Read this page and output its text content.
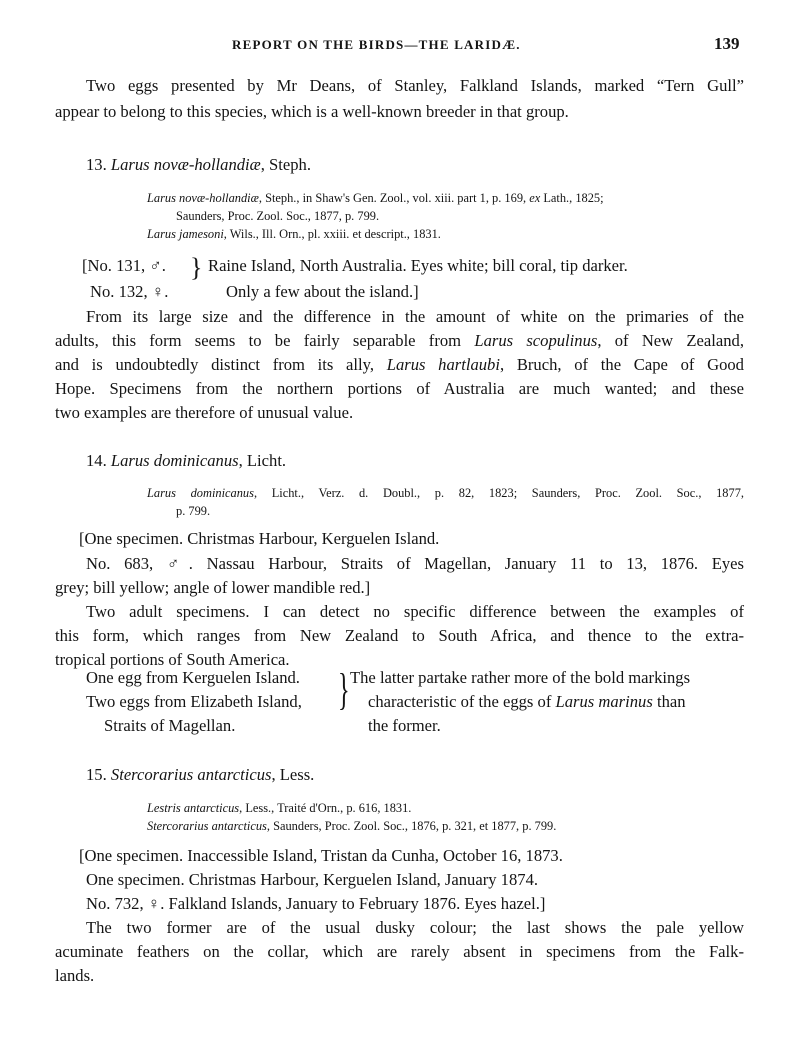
REPORT ON THE BIRDS—THE LARIDÆ.	139
Two eggs presented by Mr Deans, of Stanley, Falkland Islands, marked “Tern Gull”
appear to belong to this species, which is a well-known breeder in that group.
13. Larus novæ-hollandiæ, Steph.
Larus novæ-hollandiæ, Steph., in Shaw's Gen. Zool., vol. xiii. part 1, p. 169, ex Lath., 1825;
Saunders, Proc. Zool. Soc., 1877, p. 799.
Larus jamesoni, Wils., Ill. Orn., pl. xxiii. et descript., 1831.
[No. 131, ♂.
No. 132, ♀.
} Raine Island, North Australia. Eyes white; bill coral, tip darker.
Only a few about the island.]
From its large size and the difference in the amount of white on the primaries of the
adults, this form seems to be fairly separable from Larus scopulinus, of New Zealand,
and is undoubtedly distinct from its ally, Larus hartlaubi, Bruch, of the Cape of Good
Hope. Specimens from the northern portions of Australia are much wanted; and these
two examples are therefore of unusual value.
14. Larus dominicanus, Licht.
Larus dominicanus, Licht., Verz. d. Doubl., p. 82, 1823; Saunders, Proc. Zool. Soc., 1877,
p. 799.
[One specimen. Christmas Harbour, Kerguelen Island.
No. 683, ♂. Nassau Harbour, Straits of Magellan, January 11 to 13, 1876. Eyes
grey; bill yellow; angle of lower mandible red.]
Two adult specimens. I can detect no specific difference between the examples of
this form, which ranges from New Zealand to South Africa, and thence to the extra-
tropical portions of South America.
One egg from Kerguelen Island.
Two eggs from Elizabeth Island,
Straits of Magellan.
} The latter partake rather more of the bold markings
characteristic of the eggs of Larus marinus than
the former.
15. Stercorarius antarcticus, Less.
Lestris antarcticus, Less., Traité d'Orn., p. 616, 1831.
Stercorarius antarcticus, Saunders, Proc. Zool. Soc., 1876, p. 321, et 1877, p. 799.
[One specimen. Inaccessible Island, Tristan da Cunha, October 16, 1873.
One specimen. Christmas Harbour, Kerguelen Island, January 1874.
No. 732, ♀. Falkland Islands, January to February 1876. Eyes hazel.]
The two former are of the usual dusky colour; the last shows the pale yellow
acuminate feathers on the collar, which are rarely absent in specimens from the Falk-
lands.
